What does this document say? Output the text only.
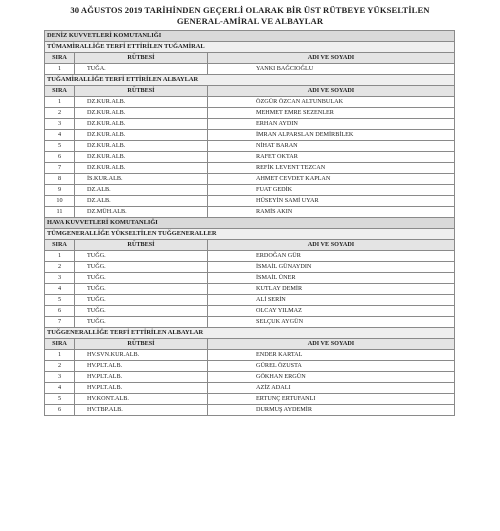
30 AĞUSTOS 2019 TARİHİNDEN GEÇERLİ OLARAK BİR ÜST RÜTBEYE YÜKSELTİLEN
GENERAL-AMİRAL VE ALBAYLAR
DENİZ KUVVETLERİ KOMUTANLIĞI		
TÜMAMİRALLİĞE TERFİ ETTİRİLEN TUĞAMİRAL		
SIRA	RÜTBESİ	ADI VE SOYADI
1	TUĞA.	YANKI BAĞCIOĞLU
TUĞAMİRALLİĞE TERFİ ETTİRİLEN ALBAYLAR		
SIRA	RÜTBESİ	ADI VE SOYADI
1	DZ.KUR.ALB.	ÖZGÜR ÖZCAN ALTUNBULAK
2	DZ.KUR.ALB.	MEHMET EMRE SEZENLER
3	DZ.KUR.ALB.	ERHAN AYDIN
4	DZ.KUR.ALB.	İMRAN ALPARSLAN DEMİRBİLEK
5	DZ.KUR.ALB.	NİHAT BARAN
6	DZ.KUR.ALB.	RAFET OKTAR
7	DZ.KUR.ALB.	REFİK LEVENT TEZCAN
8	İS.KUR.ALB.	AHMET CEVDET KAPLAN
9	DZ.ALB.	FUAT GEDİK
10	DZ.ALB.	HÜSEYİN SAMİ UYAR
11	DZ.MÜH.ALB.	RAMİS AKIN
HAVA KUVVETLERİ KOMUTANLIĞI		
TÜMGENERALLİĞE YÜKSELTİLEN TUĞGENERALLER		
SIRA	RÜTBESİ	ADI VE SOYADI
1	TUĞG.	ERDOĞAN GÜR
2	TUĞG.	İSMAİL GÜNAYDIN
3	TUĞG.	İSMAİL ÜNER
4	TUĞG.	KUTLAY DEMİR
5	TUĞG.	ALİ SERİN
6	TUĞG.	OLCAY YILMAZ
7	TUĞG.	SELÇUK AYGÜN
TUĞGENERALLİĞE TERFİ ETTİRİLEN ALBAYLAR		
SIRA	RÜTBESİ	ADI VE SOYADI
1	HV.SVN.KUR.ALB.	ENDER KARTAL
2	HV.PLT.ALB.	GÜREL ÖZUSTA
3	HV.PLT.ALB.	GÖKHAN ERGÜN
4	HV.PLT.ALB.	AZİZ ADALI
5	HV.KONT.ALB.	ERTUNÇ ERTUFANLI
6	HV.TBP.ALB.	DURMUŞ AYDEMİR
